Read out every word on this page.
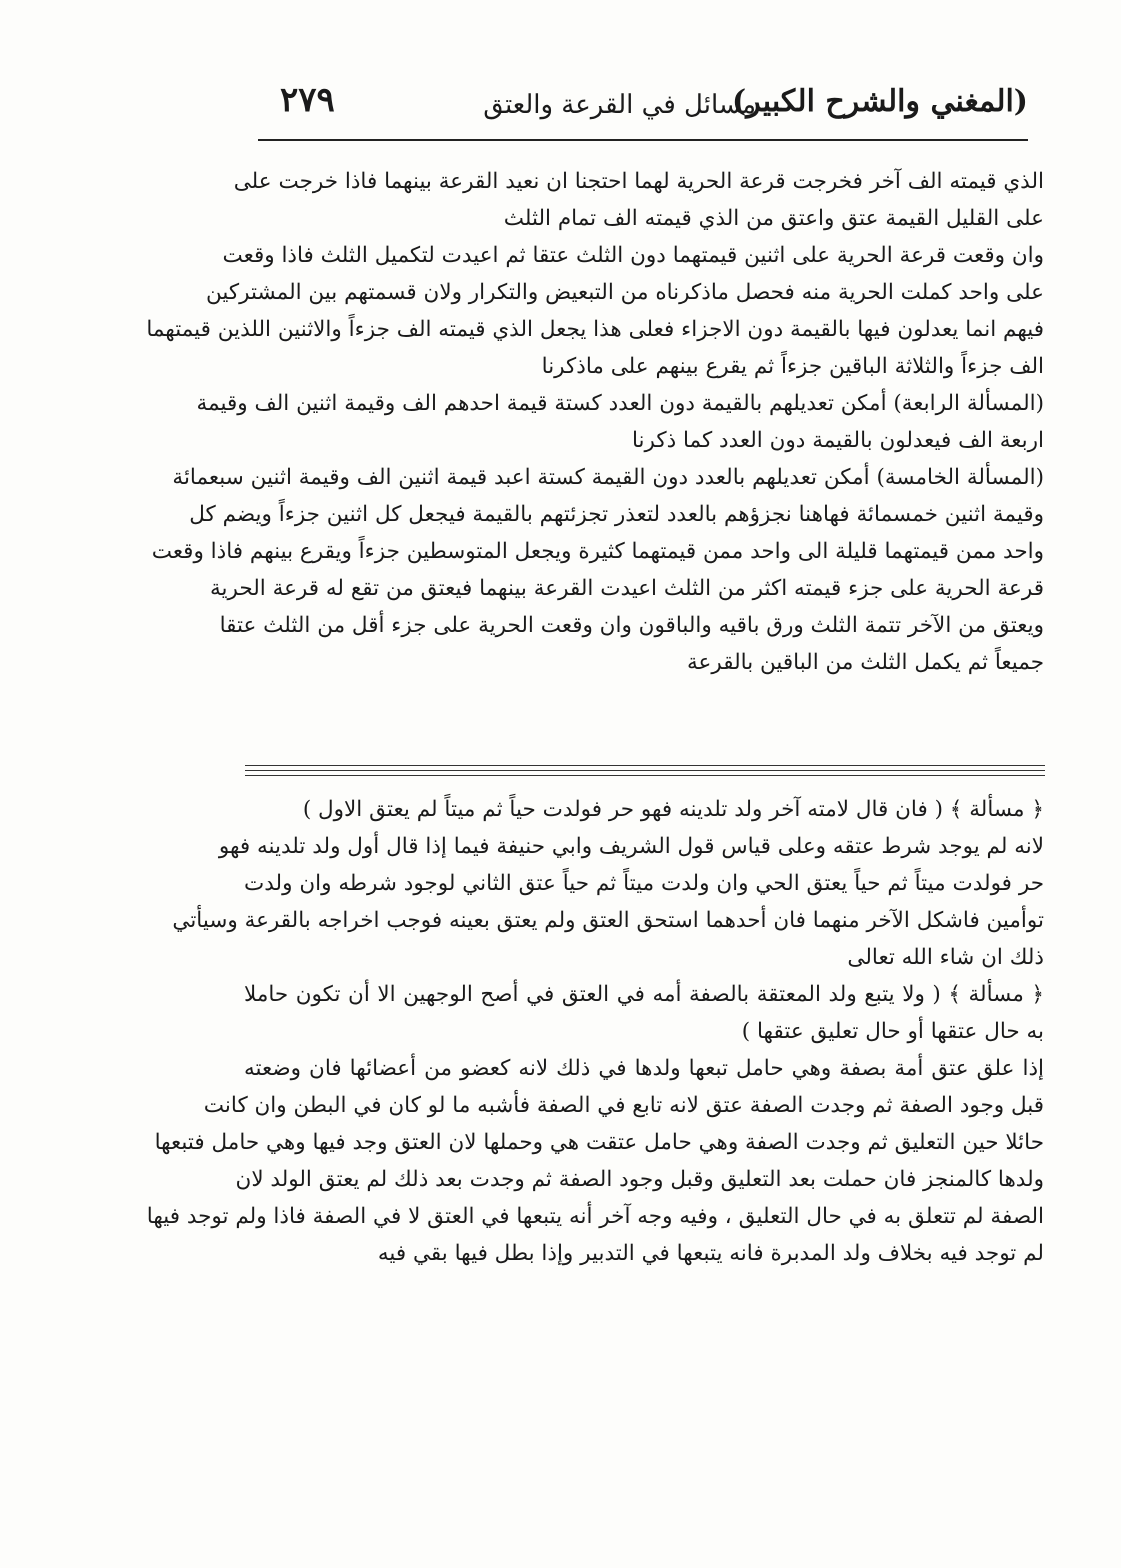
(المغني والشرح الكبير)
مسائل في القرعة والعتق
٢٧٩
الذي قيمته الف آخر فخرجت قرعة الحرية لهما احتجنا ان نعيد القرعة بينهما فاذا خرجت على
على القليل القيمة عتق واعتق من الذي قيمته الف تمام الثلث
وان وقعت قرعة الحرية على اثنين قيمتهما دون الثلث عتقا ثم اعيدت لتكميل الثلث فاذا وقعت
على واحد كملت الحرية منه فحصل ماذكرناه من التبعيض والتكرار ولان قسمتهم بين المشتركين
فيهم انما يعدلون فيها بالقيمة دون الاجزاء فعلى هذا يجعل الذي قيمته الف جزءاً والاثنين اللذين قيمتهما
الف جزءاً والثلاثة الباقين جزءاً ثم يقرع بينهم على ماذكرنا
(المسألة الرابعة) أمكن تعديلهم بالقيمة دون العدد كستة قيمة احدهم الف وقيمة اثنين الف وقيمة
اربعة الف فيعدلون بالقيمة دون العدد كما ذكرنا
(المسألة الخامسة) أمكن تعديلهم بالعدد دون القيمة كستة اعبد قيمة اثنين الف وقيمة اثنين سبعمائة
وقيمة اثنين خمسمائة فهاهنا نجزؤهم بالعدد لتعذر تجزئتهم بالقيمة فيجعل كل اثنين جزءاً ويضم كل
واحد ممن قيمتهما قليلة الى واحد ممن قيمتهما كثيرة ويجعل المتوسطين جزءاً ويقرع بينهم فاذا وقعت
قرعة الحرية على جزء قيمته اكثر من الثلث اعيدت القرعة بينهما فيعتق من تقع له قرعة الحرية
ويعتق من الآخر تتمة الثلث ورق باقيه والباقون وان وقعت الحرية على جزء أقل من الثلث عتقا
جميعاً ثم يكمل الثلث من الباقين بالقرعة
﴿ مسألة ﴾ ( فان قال لامته آخر ولد تلدينه فهو حر فولدت حياً ثم ميتاً لم يعتق الاول )
لانه لم يوجد شرط عتقه وعلى قياس قول الشريف وابي حنيفة فيما إذا قال أول ولد تلدينه فهو
حر فولدت ميتاً ثم حياً يعتق الحي وان ولدت ميتاً ثم حياً عتق الثاني لوجود شرطه وان ولدت
توأمين فاشكل الآخر منهما فان أحدهما استحق العتق ولم يعتق بعينه فوجب اخراجه بالقرعة وسيأتي
ذلك ان شاء الله تعالى
﴿ مسألة ﴾ ( ولا يتبع ولد المعتقة بالصفة أمه في العتق في أصح الوجهين الا أن تكون حاملا
به حال عتقها أو حال تعليق عتقها )
إذا علق عتق أمة بصفة وهي حامل تبعها ولدها في ذلك لانه كعضو من أعضائها فان وضعته
قبل وجود الصفة ثم وجدت الصفة عتق لانه تابع في الصفة فأشبه ما لو كان في البطن وان كانت
حائلا حين التعليق ثم وجدت الصفة وهي حامل عتقت هي وحملها لان العتق وجد فيها وهي حامل فتبعها
ولدها كالمنجز فان حملت بعد التعليق وقبل وجود الصفة ثم وجدت بعد ذلك لم يعتق الولد لان
الصفة لم تتعلق به في حال التعليق ، وفيه وجه آخر أنه يتبعها في العتق لا في الصفة فاذا ولم توجد فيها
لم توجد فيه بخلاف ولد المدبرة فانه يتبعها في التدبير وإذا بطل فيها بقي فيه
